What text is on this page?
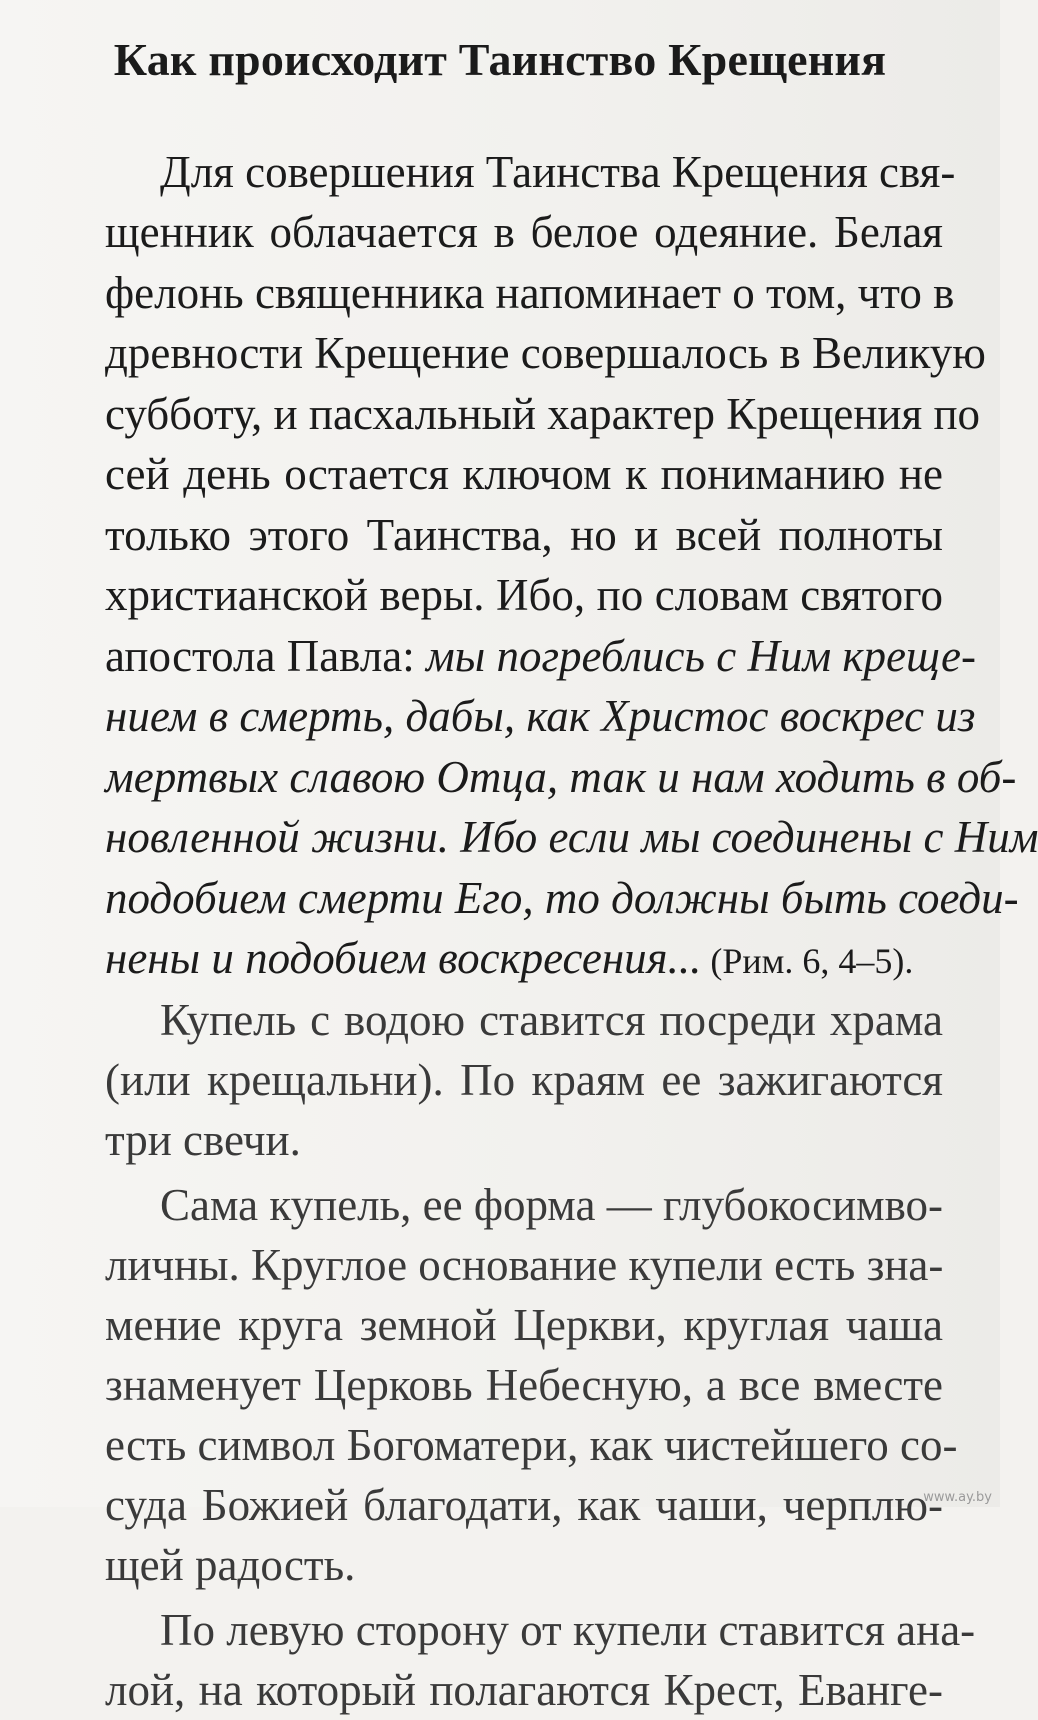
Как происходит Таинство Крещения
Для совершения Таинства Крещения свя-
щенник облачается в белое одеяние. Белая
фелонь священника напоминает о том, что в
древности Крещение совершалось в Великую
субботу, и пасхальный характер Крещения по
сей день остается ключом к пониманию не
только этого Таинства, но и всей полноты
христианской веры. Ибо, по словам святого
апостола Павла: мы погреблись с Ним креще-
нием в смерть, дабы, как Христос воскрес из
мертвых славою Отца, так и нам ходить в об-
новленной жизни. Ибо если мы соединены с Ним
подобием смерти Его, то должны быть соеди-
нены и подобием воскресения... (Рим. 6, 4–5).
Купель с водою ставится посреди храма
(или крещальни). По краям ее зажигаются
три свечи.
Сама купель, ее форма — глубокосимво-
личны. Круглое основание купели есть зна-
мение круга земной Церкви, круглая чаша
знаменует Церковь Небесную, а все вместе
есть символ Богоматери, как чистейшего со-
суда Божией благодати, как чаши, черплю-
щей радость.
По левую сторону от купели ставится ана-
лой, на который полагаются Крест, Еванге-
www.ay.by
